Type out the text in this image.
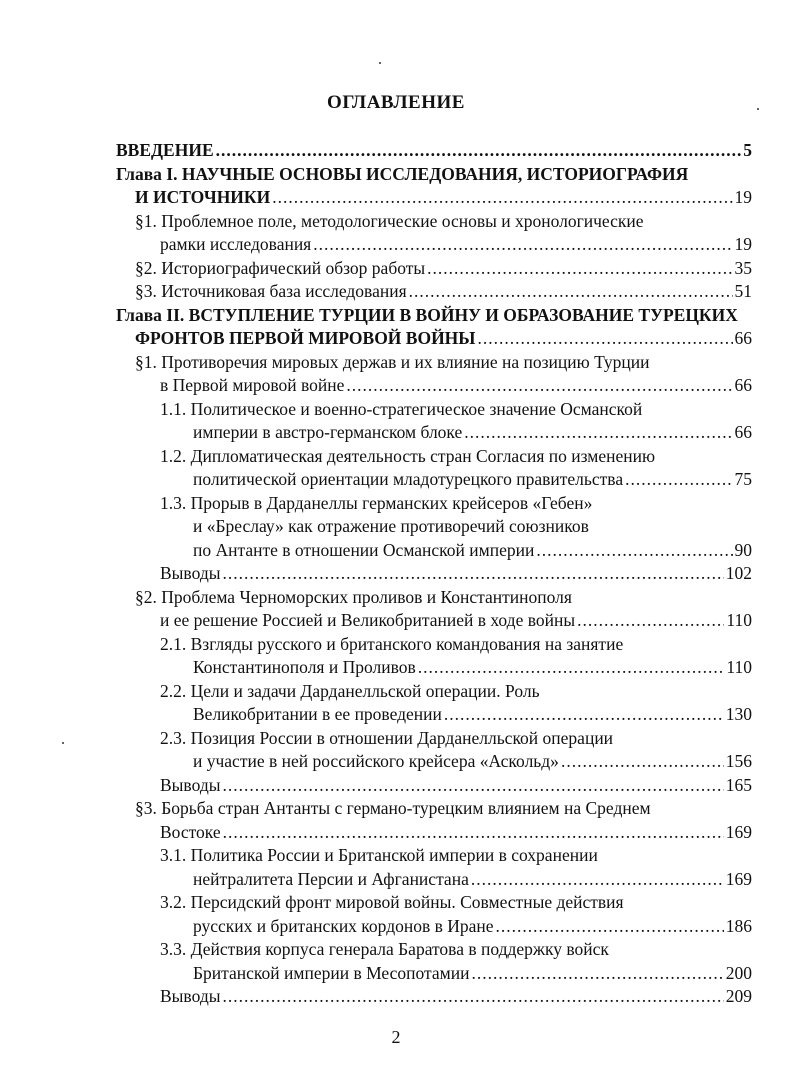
ОГЛАВЛЕНИЕ
ВВЕДЕНИЕ .....	5
Глава I. НАУЧНЫЕ ОСНОВЫ ИССЛЕДОВАНИЯ, ИСТОРИОГРАФИЯ
И ИСТОЧНИКИ .....	19
§1. Проблемное поле, методологические основы и хронологические
рамки исследования .....	19
§2. Историографический обзор работы .....	35
§3. Источниковая база исследования .....	51
Глава II. ВСТУПЛЕНИЕ ТУРЦИИ В ВОЙНУ И ОБРАЗОВАНИЕ ТУРЕЦКИХ
ФРОНТОВ ПЕРВОЙ МИРОВОЙ ВОЙНЫ .....	66
§1. Противоречия мировых держав и их влияние на позицию Турции
в Первой мировой войне .....	66
1.1. Политическое и военно-стратегическое значение Османской
империи в австро-германском блоке .....	66
1.2. Дипломатическая деятельность стран Согласия по изменению
политической ориентации младотурецкого правительства .....	75
1.3. Прорыв в Дарданеллы германских крейсеров «Гебен»
и «Бреслау» как отражение противоречий союзников
по Антанте в отношении Османской империи .....	90
Выводы .....	102
§2. Проблема Черноморских проливов и Константинополя
и ее решение Россией и Великобританией в ходе войны .....	110
2.1. Взгляды русского и британского командования на занятие
Константинополя и Проливов .....	110
2.2. Цели и задачи Дарданелльской операции. Роль
Великобритании в ее проведении .....	130
2.3. Позиция России в отношении Дарданелльской операции
и участие в ней российского крейсера «Аскольд» .....	156
Выводы .....	165
§3. Борьба стран Антанты с германо-турецким влиянием на Среднем
Востоке .....	169
3.1. Политика России и Британской империи в сохранении
нейтралитета Персии и Афганистана .....	169
3.2. Персидский фронт мировой войны. Совместные действия
русских и британских кордонов в Иране .....	186
3.3. Действия корпуса генерала Баратова в поддержку войск
Британской империи в Месопотамии .....	200
Выводы .....	209
2
